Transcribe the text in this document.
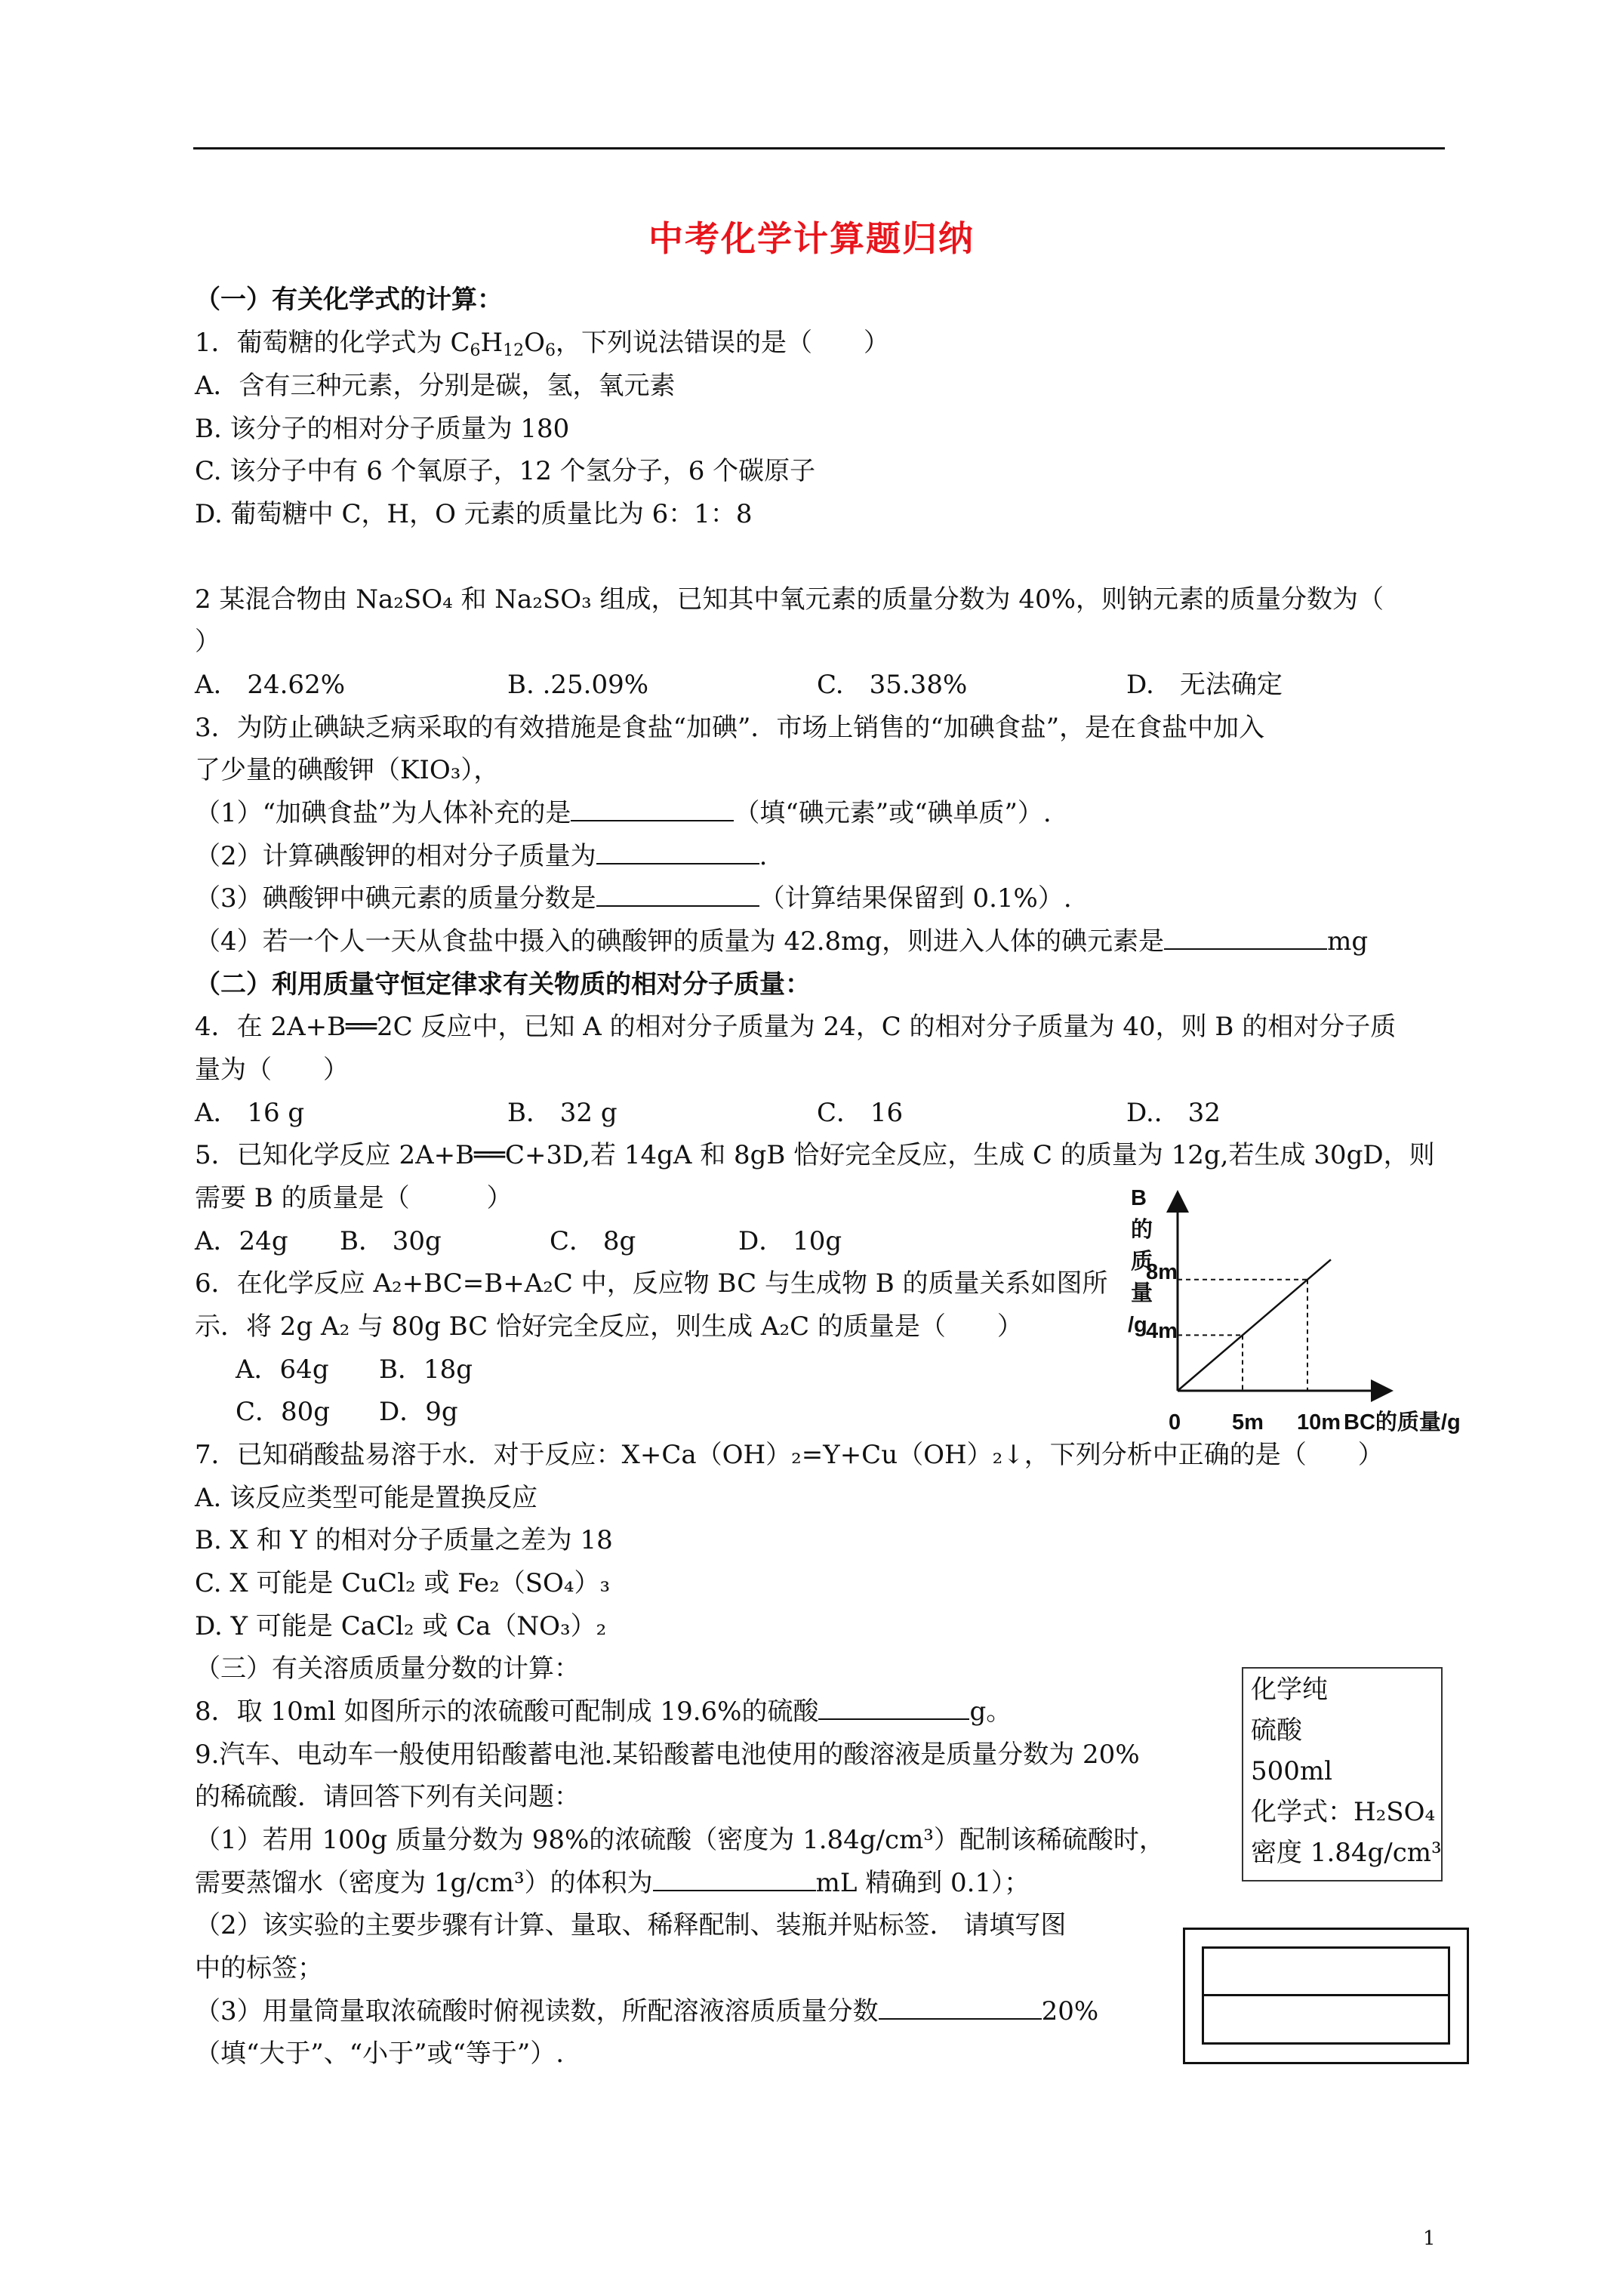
中考化学计算题归纳
（一）有关化学式的计算：
1．葡萄糖的化学式为 $C_6H_{12}O_6$，下列说法错误的是（　　）
A．含有三种元素，分别是碳，氢，氧元素
B. 该分子的相对分子质量为 180
C. 该分子中有 6 个氧原子，12 个氢分子，6 个碳原子
D. 葡萄糖中 C，H，O 元素的质量比为 6：1：8
2 某混合物由 Na₂SO₄ 和 Na₂SO₃ 组成，已知其中氧元素的质量分数为 40%，则钠元素的质量分数为（
）
A.　24.62%	B. .25.09%	C.　35.38%	D.　无法确定
3．为防止碘缺乏病采取的有效措施是食盐“加碘”．市场上销售的“加碘食盐”，是在食盐中加入
了少量的碘酸钾（KIO₃），
（1）“加碘食盐”为人体补充的是	（填“碘元素”或“碘单质”）.
（2）计算碘酸钾的相对分子质量为	.
（3）碘酸钾中碘元素的质量分数是	（计算结果保留到 0.1%）.
（4）若一个人一天从食盐中摄入的碘酸钾的质量为 42.8mg，则进入人体的碘元素是	mg
（二）利用质量守恒定律求有关物质的相对分子质量：
4．在 2A+B══2C 反应中，已知 A 的相对分子质量为 24，C 的相对分子质量为 40，则 B 的相对分子质
量为（　　）
A． 16 g	B． 32 g	C． 16	D.． 32
5．已知化学反应 2A+B══C+3D,若 14gA 和 8gB 恰好完全反应，生成 C 的质量为 12g,若生成 30gD，则
需要 B 的质量是（　　　）
A．24g B． 30g	C． 8g	D． 10g
6．在化学反应 A₂+BC=B+A₂C 中，反应物 BC 与生成物 B 的质量关系如图所
示．将 2g A₂ 与 80g BC 恰好完全反应，则生成 A₂C 的质量是（　　）
A．64g B．18g
C．80g D．9g
B
的
质
量
/g
8m
4m
0 5m 10m BC的质量/g
7．已知硝酸盐易溶于水．对于反应：X+Ca（OH）₂=Y+Cu（OH）₂↓，下列分析中正确的是（　　）
A. 该反应类型可能是置换反应
B. X 和 Y 的相对分子质量之差为 18
C. X 可能是 CuCl₂ 或 Fe₂（SO₄）₃
D. Y 可能是 CaCl₂ 或 Ca（NO₃）₂
（三）有关溶质质量分数的计算：
8．取 10ml 如图所示的浓硫酸可配制成 19.6%的硫酸	g。
化学纯
硫酸
500ml
化学式：H₂SO₄
密度 1.84g/cm³
9.汽车、电动车一般使用铅酸蓄电池.某铅酸蓄电池使用的酸溶液是质量分数为 20%
的稀硫酸．请回答下列有关问题：
（1）若用 100g 质量分数为 98%的浓硫酸（密度为 1.84g/cm³）配制该稀硫酸时，
需要蒸馏水（密度为 1g/cm³）的体积为	mL 精确到 0.1）；
（2）该实验的主要步骤有计算、量取、稀释配制、装瓶并贴标签． 请填写图
中的标签；
（3）用量筒量取浓硫酸时俯视读数，所配溶液溶质质量分数	20%
（填“大于”、“小于”或“等于”）.
1
